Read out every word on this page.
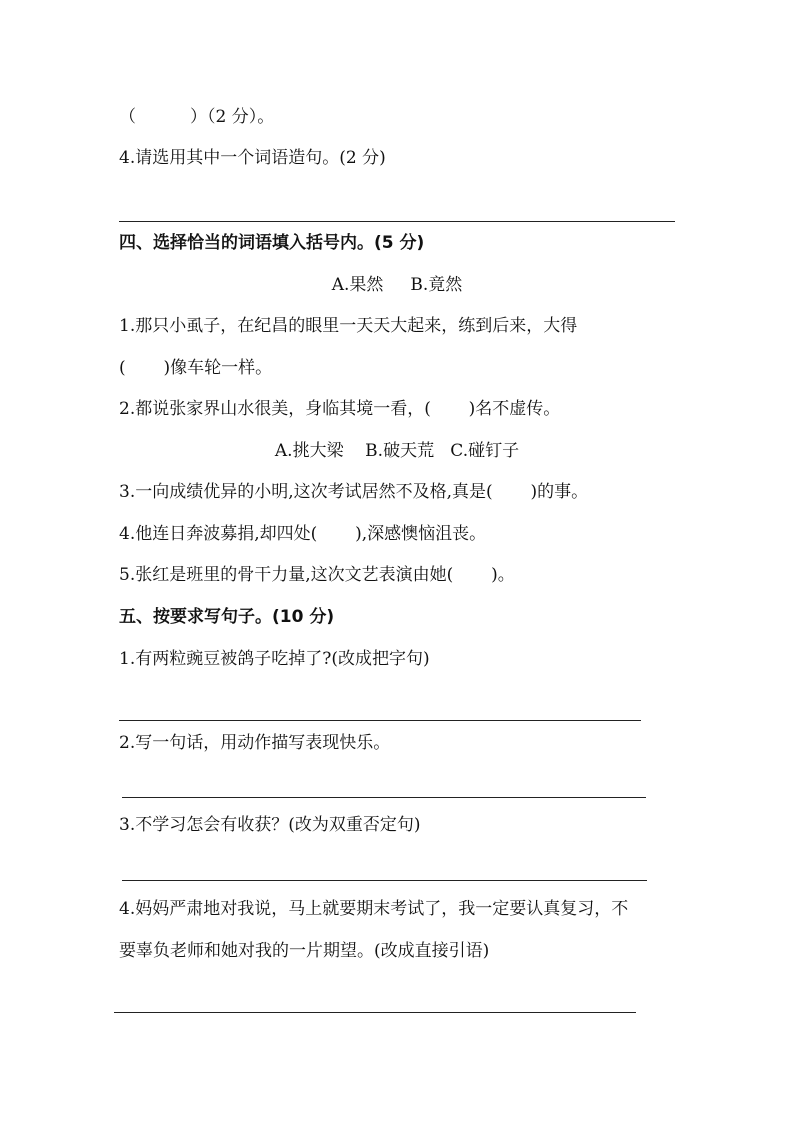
（          ）（2 分）。
4.请选用其中一个词语造句。(2 分)
四、选择恰当的词语填入括号内。(5 分)
A.果然     B.竟然
1.那只小虱子，在纪昌的眼里一天天大起来，练到后来，大得
(       )像车轮一样。
2.都说张家界山水很美，身临其境一看，(       )名不虚传。
A.挑大梁    B.破天荒   C.碰钉子
3.一向成绩优异的小明,这次考试居然不及格,真是(       )的事。
4.他连日奔波募捐,却四处(       ),深感懊恼沮丧。
5.张红是班里的骨干力量,这次文艺表演由她(       )。
五、按要求写句子。(10 分)
1.有两粒豌豆被鸽子吃掉了?(改成把字句)
2.写一句话，用动作描写表现快乐。
3.不学习怎会有收获？(改为双重否定句)
4.妈妈严肃地对我说，马上就要期末考试了，我一定要认真复习，不
要辜负老师和她对我的一片期望。(改成直接引语)
